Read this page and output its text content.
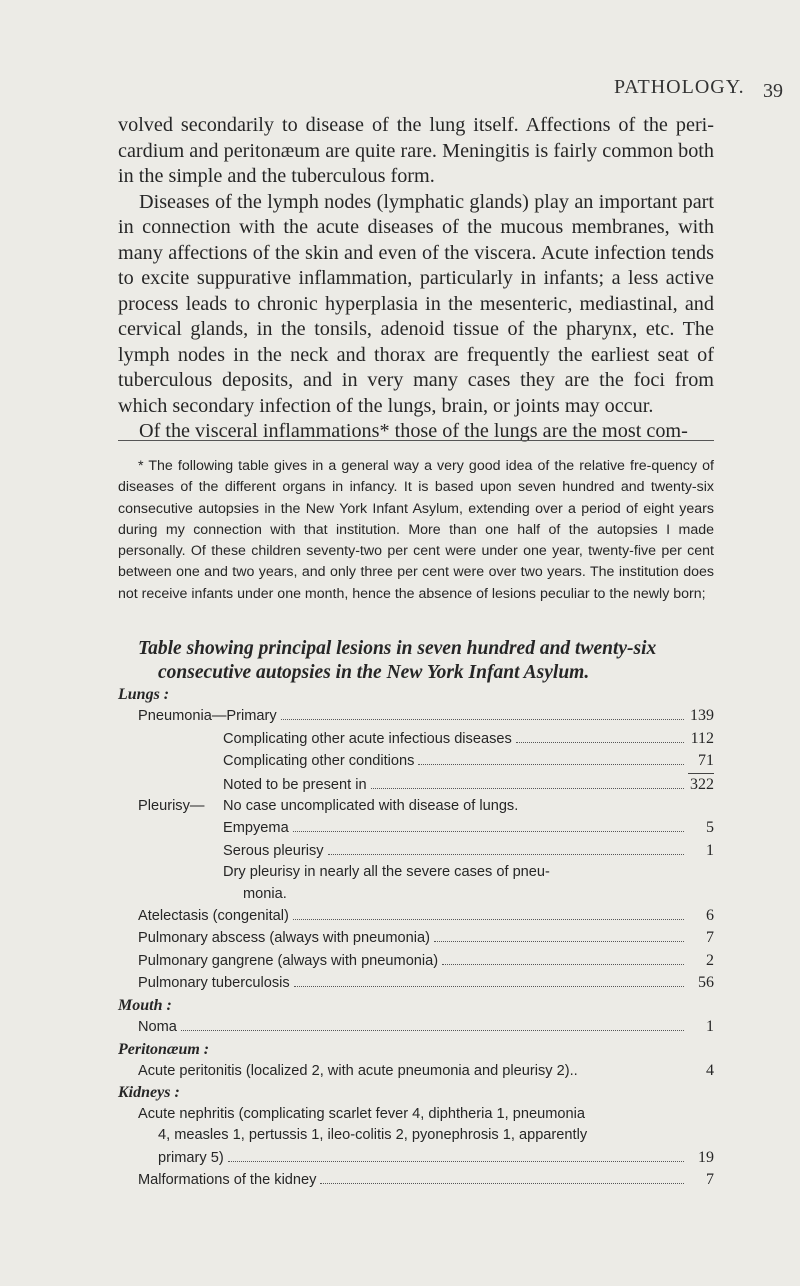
PATHOLOGY. 39

volved secondarily to disease of the lung itself. Affections of the peri-cardium and peritonæum are quite rare. Meningitis is fairly common both in the simple and the tuberculous form.

Diseases of the lymph nodes (lymphatic glands) play an important part in connection with the acute diseases of the mucous membranes, with many affections of the skin and even of the viscera. Acute infection tends to excite suppurative inflammation, particularly in infants; a less active process leads to chronic hyperplasia in the mesenteric, mediastinal, and cervical glands, in the tonsils, adenoid tissue of the pharynx, etc. The lymph nodes in the neck and thorax are frequently the earliest seat of tuberculous deposits, and in very many cases they are the foci from which secondary infection of the lungs, brain, or joints may occur.

Of the visceral inflammations* those of the lungs are the most com-

* The following table gives in a general way a very good idea of the relative fre-quency of diseases of the different organs in infancy. It is based upon seven hundred and twenty-six consecutive autopsies in the New York Infant Asylum, extending over a period of eight years during my connection with that institution. More than one half of the autopsies I made personally. Of these children seventy-two per cent were under one year, twenty-five per cent between one and two years, and only three per cent were over two years. The institution does not receive infants under one month, hence the absence of lesions peculiar to the newly born;

Table showing principal lesions in seven hundred and twenty-six
consecutive autopsies in the New York Infant Asylum.
Lungs :
Pneumonia—Primary	139
Complicating other acute infectious diseases	112
Complicating other conditions	71
Noted to be present in	322
Pleurisy—	No case uncomplicated with disease of lungs.
Empyema	5
Serous pleurisy	1
Dry pleurisy in nearly all the severe cases of pneu-
monia.
Atelectasis (congenital)	6
Pulmonary abscess (always with pneumonia)	7
Pulmonary gangrene (always with pneumonia)	2
Pulmonary tuberculosis	56
Mouth :
Noma	1
Peritonæum :
Acute peritonitis (localized 2, with acute pneumonia and pleurisy 2)..	4
Kidneys :
Acute nephritis (complicating scarlet fever 4, diphtheria 1, pneumonia
4, measles 1, pertussis 1, ileo-colitis 2, pyonephrosis 1, apparently
primary 5)	19
Malformations of the kidney	7
